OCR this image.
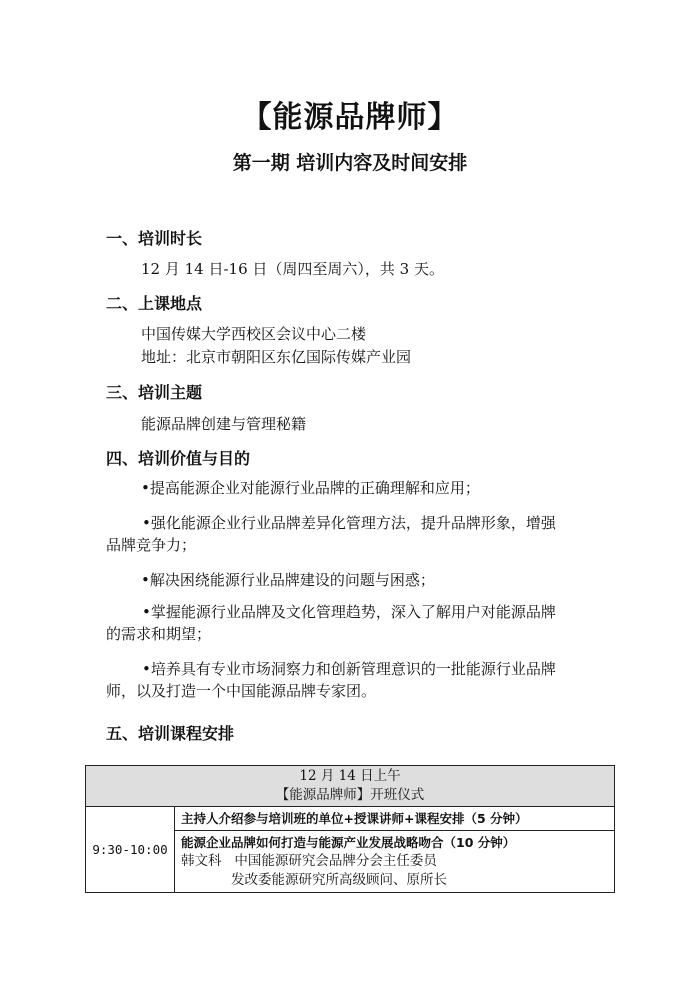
【能源品牌师】
第一期 培训内容及时间安排
一、培训时长
12 月 14 日-16 日（周四至周六），共 3 天。
二、上课地点
中国传媒大学西校区会议中心二楼
地址：北京市朝阳区东亿国际传媒产业园
三、培训主题
能源品牌创建与管理秘籍
四、培训价值与目的
•提高能源企业对能源行业品牌的正确理解和应用；
•强化能源企业行业品牌差异化管理方法，提升品牌形象，增强
品牌竞争力；
•解决困绕能源行业品牌建设的问题与困惑；
•掌握能源行业品牌及文化管理趋势，深入了解用户对能源品牌
的需求和期望；
•培养具有专业市场洞察力和创新管理意识的一批能源行业品牌
师，以及打造一个中国能源品牌专家团。
五、培训课程安排
12 月 14 日上午
【能源品牌师】开班仪式

9:30-10:00	主持人介绍参与培训班的单位+授课讲师+课程安排（5 分钟）

能源企业品牌如何打造与能源产业发展战略吻合（10 分钟）
韩文科 中国能源研究会品牌分会主任委员
发改委能源研究所高级顾问、原所长
